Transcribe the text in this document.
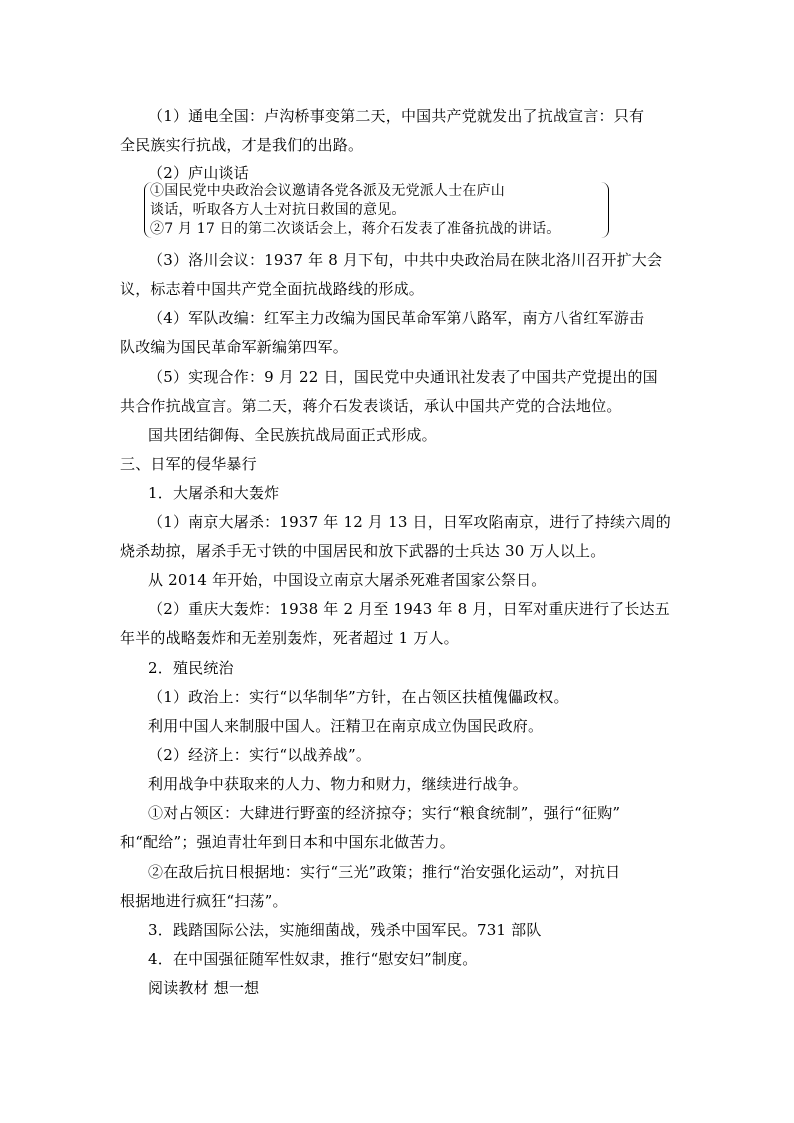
（1）通电全国：卢沟桥事变第二天，中国共产党就发出了抗战宣言：只有
全民族实行抗战，才是我们的出路。
（2）庐山谈话
①国民党中央政治会议邀请各党各派及无党派人士在庐山
谈话，听取各方人士对抗日救国的意见。
②7 月 17 日的第二次谈话会上，蒋介石发表了准备抗战的讲话。
（3）洛川会议：1937 年 8 月下旬，中共中央政治局在陕北洛川召开扩大会
议，标志着中国共产党全面抗战路线的形成。
（4）军队改编：红军主力改编为国民革命军第八路军，南方八省红军游击
队改编为国民革命军新编第四军。
（5）实现合作：9 月 22 日，国民党中央通讯社发表了中国共产党提出的国
共合作抗战宣言。第二天，蒋介石发表谈话，承认中国共产党的合法地位。
国共团结御侮、全民族抗战局面正式形成。
三、日军的侵华暴行
1．大屠杀和大轰炸
（1）南京大屠杀：1937 年 12 月 13 日，日军攻陷南京，进行了持续六周的
烧杀劫掠，屠杀手无寸铁的中国居民和放下武器的士兵达 30 万人以上。
从 2014 年开始，中国设立南京大屠杀死难者国家公祭日。
（2）重庆大轰炸：1938 年 2 月至 1943 年 8 月，日军对重庆进行了长达五
年半的战略轰炸和无差别轰炸，死者超过 1 万人。
2．殖民统治
（1）政治上：实行“以华制华”方针，在占领区扶植傀儡政权。
利用中国人来制服中国人。汪精卫在南京成立伪国民政府。
（2）经济上：实行“以战养战”。
利用战争中获取来的人力、物力和财力，继续进行战争。
①对占领区：大肆进行野蛮的经济掠夺；实行“粮食统制”，强行“征购”
和“配给”；强迫青壮年到日本和中国东北做苦力。
②在敌后抗日根据地：实行“三光”政策；推行“治安强化运动”，对抗日
根据地进行疯狂“扫荡”。
3．践踏国际公法，实施细菌战，残杀中国军民。731 部队
4．在中国强征随军性奴隶，推行“慰安妇”制度。
阅读教材 想一想
